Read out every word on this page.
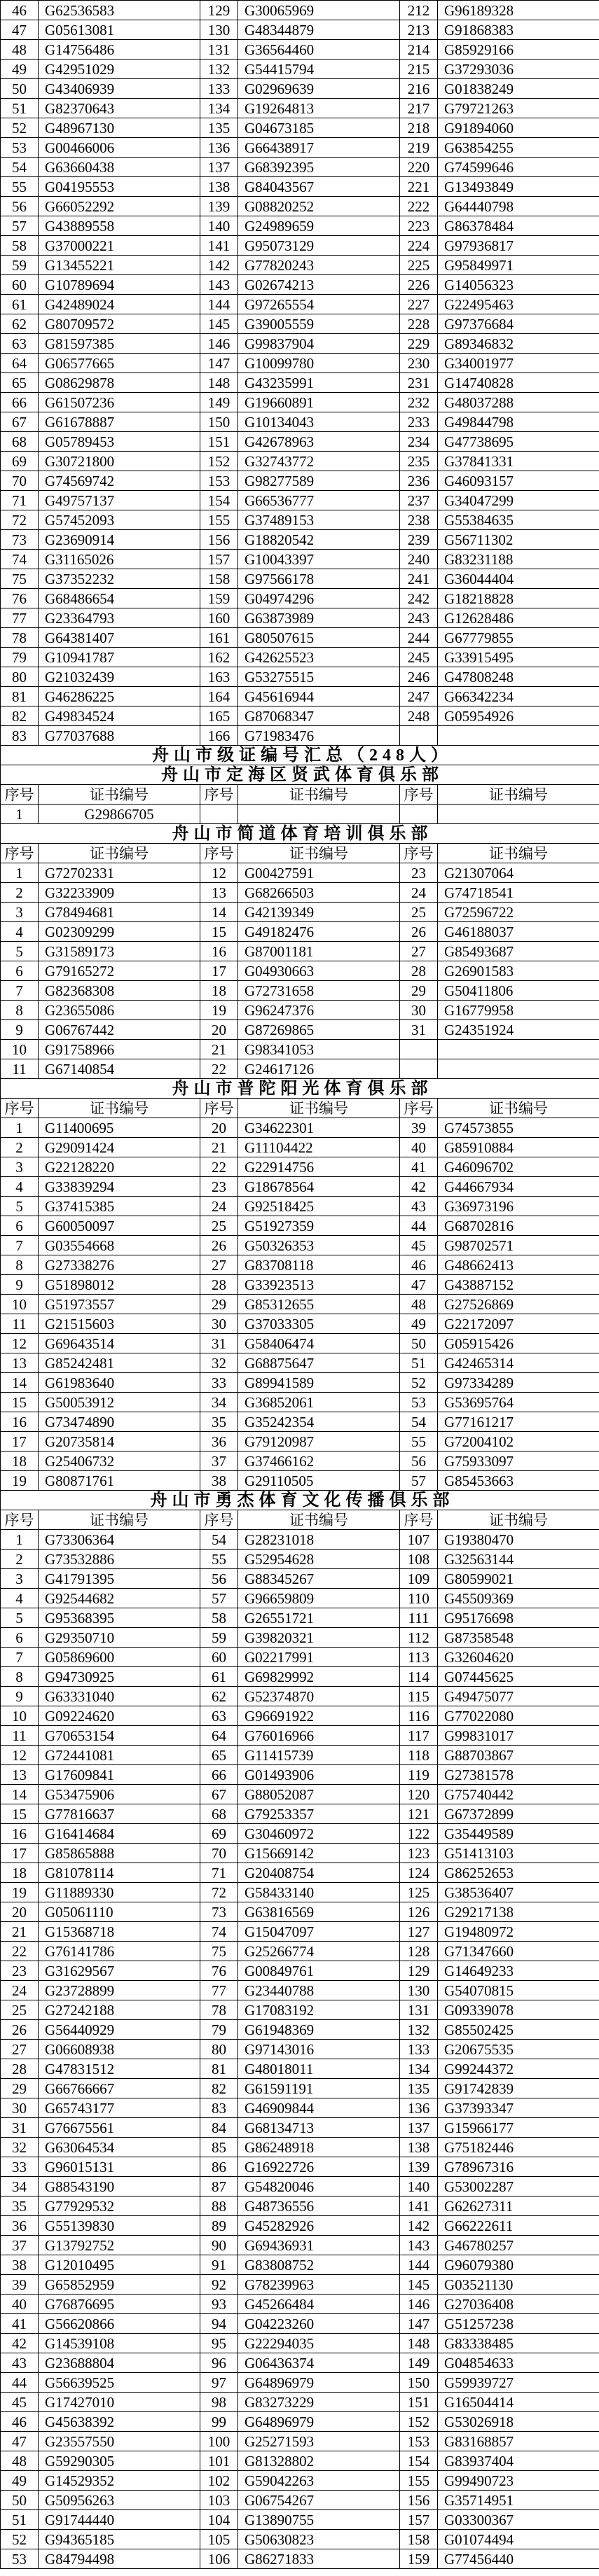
46	G62536583	129	G30065969	212	G96189328
47	G05613081	130	G48344879	213	G91868383
48	G14756486	131	G36564460	214	G85929166
49	G42951029	132	G54415794	215	G37293036
50	G43406939	133	G02969639	216	G01838249
51	G82370643	134	G19264813	217	G79721263
52	G48967130	135	G04673185	218	G91894060
53	G00466006	136	G66438917	219	G63854255
54	G63660438	137	G68392395	220	G74599646
55	G04195553	138	G84043567	221	G13493849
56	G66052292	139	G08820252	222	G64440798
57	G43889558	140	G24989659	223	G86378484
58	G37000221	141	G95073129	224	G97936817
59	G13455221	142	G77820243	225	G95849971
60	G10789694	143	G02674213	226	G14056323
61	G42489024	144	G97265554	227	G22495463
62	G80709572	145	G39005559	228	G97376684
63	G81597385	146	G99837904	229	G89346832
64	G06577665	147	G10099780	230	G34001977
65	G08629878	148	G43235991	231	G14740828
66	G61507236	149	G19660891	232	G48037288
67	G61678887	150	G10134043	233	G49844798
68	G05789453	151	G42678963	234	G47738695
69	G30721800	152	G32743772	235	G37841331
70	G74569742	153	G98277589	236	G46093157
71	G49757137	154	G66536777	237	G34047299
72	G57452093	155	G37489153	238	G55384635
73	G23690914	156	G18820542	239	G56711302
74	G31165026	157	G10043397	240	G83231188
75	G37352232	158	G97566178	241	G36044404
76	G68486654	159	G04974296	242	G18218828
77	G23364793	160	G63873989	243	G12628486
78	G64381407	161	G80507615	244	G67779855
79	G10941787	162	G42625523	245	G33915495
80	G21032439	163	G53275515	246	G47808248
81	G46286225	164	G45616944	247	G66342234
82	G49834524	165	G87068347	248	G05954926
83	G77037688	166	G71983476		
舟山市级证编号汇总（248人）					
舟山市定海区贤武体育俱乐部					
序号	证书编号	序号	证书编号	序号	证书编号
1	G29866705				
舟山市简道体育培训俱乐部					
序号	证书编号	序号	证书编号	序号	证书编号
1	G72702331	12	G00427591	23	G21307064
2	G32233909	13	G68266503	24	G74718541
3	G78494681	14	G42139349	25	G72596722
4	G02309299	15	G49182476	26	G46188037
5	G31589173	16	G87001181	27	G85493687
6	G79165272	17	G04930663	28	G26901583
7	G82368308	18	G72731658	29	G50411806
8	G23655086	19	G96247376	30	G16779958
9	G06767442	20	G87269865	31	G24351924
10	G91758966	21	G98341053		
11	G67140854	22	G24617126		
舟山市普陀阳光体育俱乐部					
序号	证书编号	序号	证书编号	序号	证书编号
1	G11400695	20	G34622301	39	G74573855
2	G29091424	21	G11104422	40	G85910884
3	G22128220	22	G22914756	41	G46096702
4	G33839294	23	G18678564	42	G44667934
5	G37415385	24	G92518425	43	G36973196
6	G60050097	25	G51927359	44	G68702816
7	G03554668	26	G50326353	45	G98702571
8	G27338276	27	G83708118	46	G48662413
9	G51898012	28	G33923513	47	G43887152
10	G51973557	29	G85312655	48	G27526869
11	G21515603	30	G37033305	49	G22172097
12	G69643514	31	G58406474	50	G05915426
13	G85242481	32	G68875647	51	G42465314
14	G61983640	33	G89941589	52	G97334289
15	G50053912	34	G36852061	53	G53695764
16	G73474890	35	G35242354	54	G77161217
17	G20735814	36	G79120987	55	G72004102
18	G25406732	37	G37466162	56	G75933097
19	G80871761	38	G29110505	57	G85453663
舟山市勇杰体育文化传播俱乐部					
序号	证书编号	序号	证书编号	序号	证书编号
1	G73306364	54	G28231018	107	G19380470
2	G73532886	55	G52954628	108	G32563144
3	G41791395	56	G88345267	109	G80599021
4	G92544682	57	G96659809	110	G45509369
5	G95368395	58	G26551721	111	G95176698
6	G29350710	59	G39820321	112	G87358548
7	G05869600	60	G02217991	113	G32604620
8	G94730925	61	G69829992	114	G07445625
9	G63331040	62	G52374870	115	G49475077
10	G09224620	63	G96691922	116	G77022080
11	G70653154	64	G76016966	117	G99831017
12	G72441081	65	G11415739	118	G88703867
13	G17609841	66	G01493906	119	G27381578
14	G53475906	67	G88052087	120	G75740442
15	G77816637	68	G79253357	121	G67372899
16	G16414684	69	G30460972	122	G35449589
17	G85865888	70	G15669142	123	G51413103
18	G81078114	71	G20408754	124	G86252653
19	G11889330	72	G58433140	125	G38536407
20	G05061110	73	G63816569	126	G29217138
21	G15368718	74	G15047097	127	G19480972
22	G76141786	75	G25266774	128	G71347660
23	G31629567	76	G00849761	129	G14649233
24	G23728899	77	G23440788	130	G54070815
25	G27242188	78	G17083192	131	G09339078
26	G56440929	79	G61948369	132	G85502425
27	G06608938	80	G97143016	133	G20675535
28	G47831512	81	G48018011	134	G99244372
29	G66766667	82	G61591191	135	G91742839
30	G65743177	83	G46909844	136	G37393347
31	G76675561	84	G68134713	137	G15966177
32	G63064534	85	G86248918	138	G75182446
33	G96015131	86	G16922726	139	G78967316
34	G88543190	87	G54820046	140	G53002287
35	G77929532	88	G48736556	141	G62627311
36	G55139830	89	G45282926	142	G66222611
37	G13792752	90	G69436931	143	G46780257
38	G12010495	91	G83808752	144	G96079380
39	G65852959	92	G78239963	145	G03521130
40	G76876695	93	G45266484	146	G27036408
41	G56620866	94	G04223260	147	G51257238
42	G14539108	95	G22294035	148	G83338485
43	G23688804	96	G06436374	149	G04854633
44	G56639525	97	G64896979	150	G59939727
45	G17427010	98	G83273229	151	G16504414
46	G45638392	99	G64896979	152	G53026918
47	G23557550	100	G25271593	153	G83168857
48	G59290305	101	G81328802	154	G83937404
49	G14529352	102	G59042263	155	G99490723
50	G50956263	103	G06754267	156	G35714951
51	G91744440	104	G13890755	157	G03300367
52	G94365185	105	G50630823	158	G01074494
53	G84794498	106	G86271833	159	G77456440
